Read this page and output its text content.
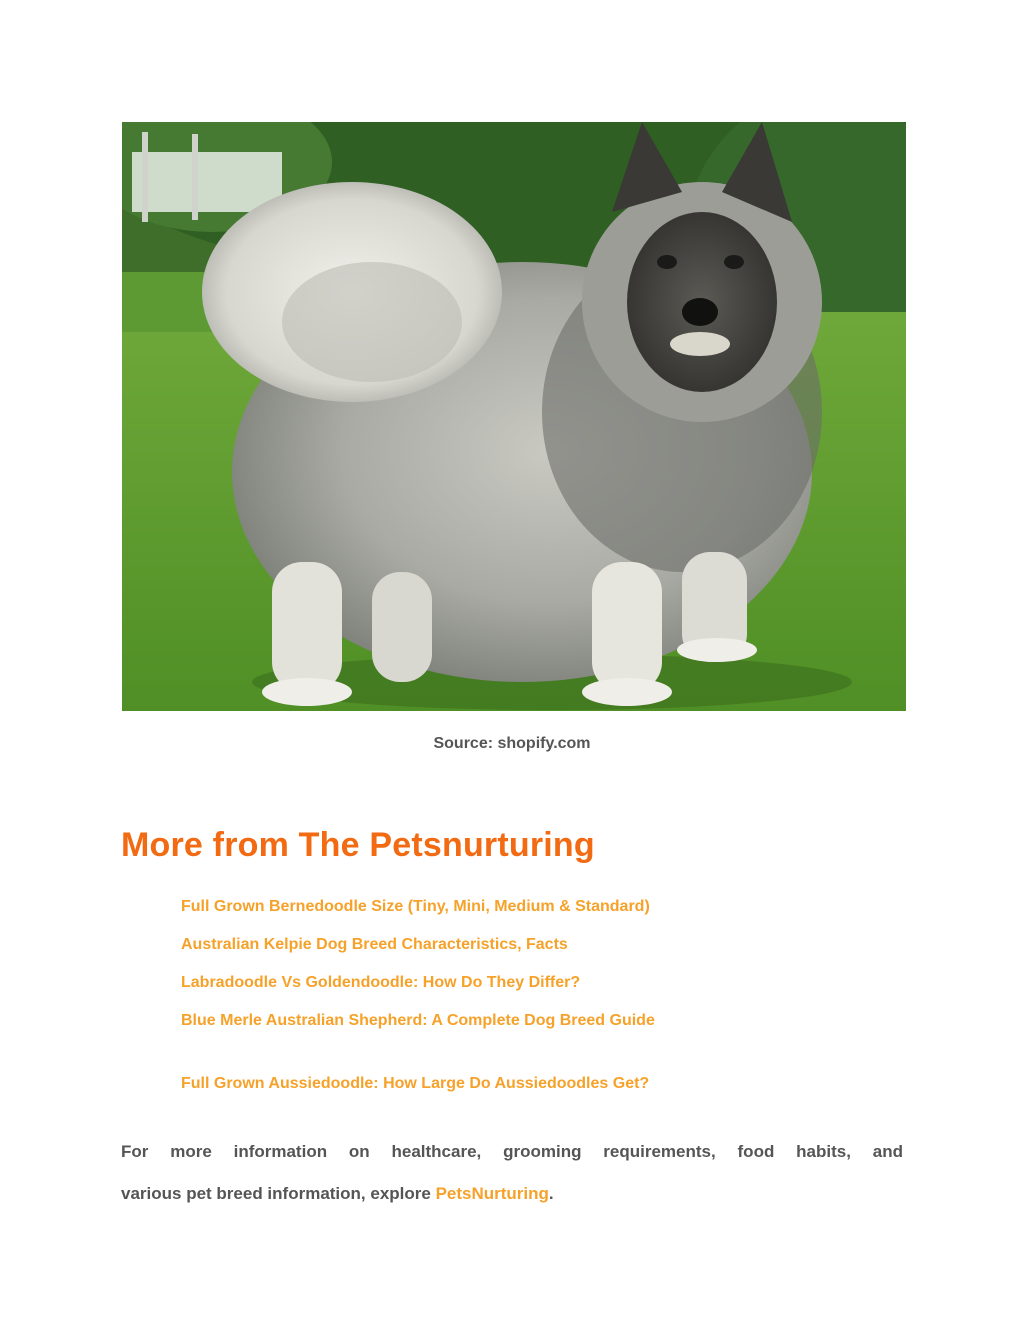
Source: shopify.com
More from The Petsnurturing
Full Grown Bernedoodle Size (Tiny, Mini, Medium & Standard)
Australian Kelpie Dog Breed Characteristics, Facts
Labradoodle Vs Goldendoodle: How Do They Differ?
Blue Merle Australian Shepherd: A Complete Dog Breed Guide
Full Grown Aussiedoodle: How Large Do Aussiedoodles Get?

For more information on healthcare, grooming requirements, food habits, and

various pet breed information, explore PetsNurturing.
